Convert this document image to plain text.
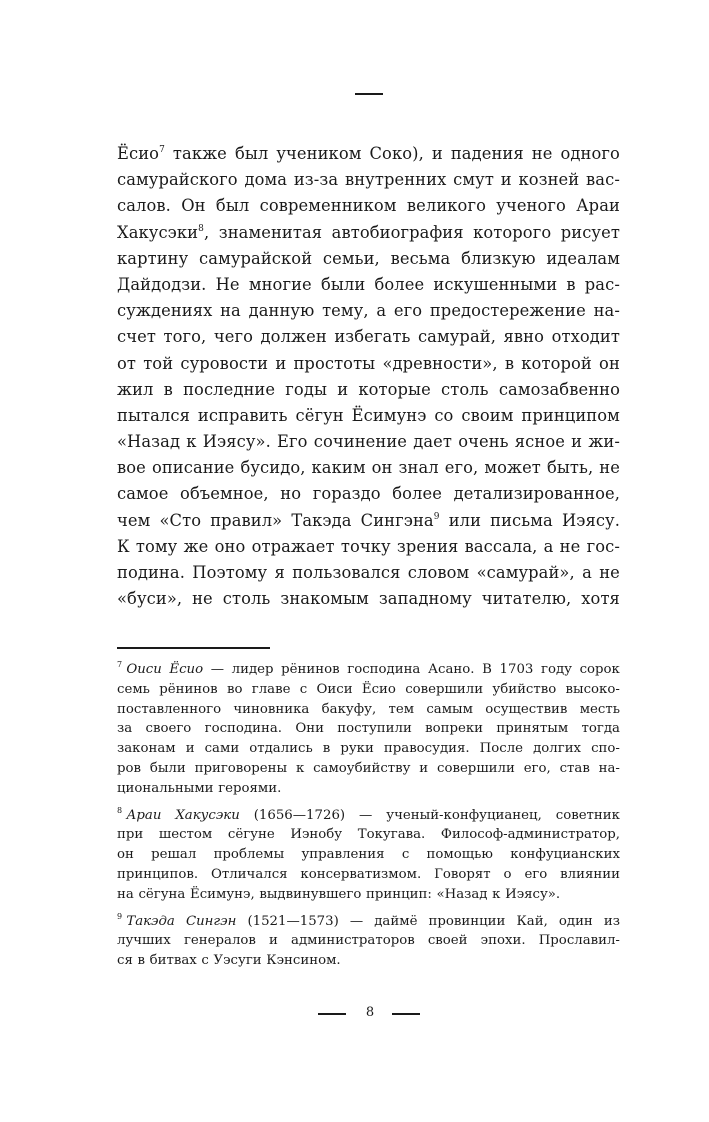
Ёсио$^7$ также был учеником Соко), и падения не одного
самурайского дома из-за внутренних смут и козней вас-
салов. Он был современником великого ученого Араи
Хакусэки$^8$, знаменитая автобиография которого рисует
картину самурайской семьи, весьма близкую идеалам
Дайдодзи. Не многие были более искушенными в рас-
суждениях на данную тему, а его предостережение на-
счет того, чего должен избегать самурай, явно отходит
от той суровости и простоты «древности», в которой он
жил в последние годы и которые столь самозабвенно
пытался исправить сёгун Ёсимунэ со своим принципом
«Назад к Иэясу». Его сочинение дает очень ясное и жи-
вое описание бусидо, каким он знал его, может быть, не
самое объемное, но гораздо более детализированное,
чем «Сто правил» Такэда Сингэна$^9$ или письма Иэясу.
К тому же оно отражает точку зрения вассала, а не гос-
подина. Поэтому я пользовался словом «самурай», а не
«буси», не столь знакомым западному читателю, хотя
$^7$ Оиси Ёсио — лидер рёнинов господина Асано. В 1703 году сорок
семь рёнинов во главе с Оиси Ёсио совершили убийство высоко-
поставленного чиновника бакуфу, тем самым осуществив месть
за своего господина. Они поступили вопреки принятым тогда
законам и сами отдались в руки правосудия. После долгих спо-
ров были приговорены к самоубийству и совершили его, став на-
циональными героями.
$^8$ Араи Хакусэки (1656—1726) — ученый-конфуцианец, советник
при шестом сёгуне Иэнобу Токугава. Философ-администратор,
он решал проблемы управления с помощью конфуцианских
принципов. Отличался консерватизмом. Говорят о его влиянии
на сёгуна Ёсимунэ, выдвинувшего принцип: «Назад к Иэясу».
$^9$ Такэда Сингэн (1521—1573) — даймё провинции Кай, один из
лучших генералов и администраторов своей эпохи. Прославил-
ся в битвах с Уэсуги Кэнсином.
8
